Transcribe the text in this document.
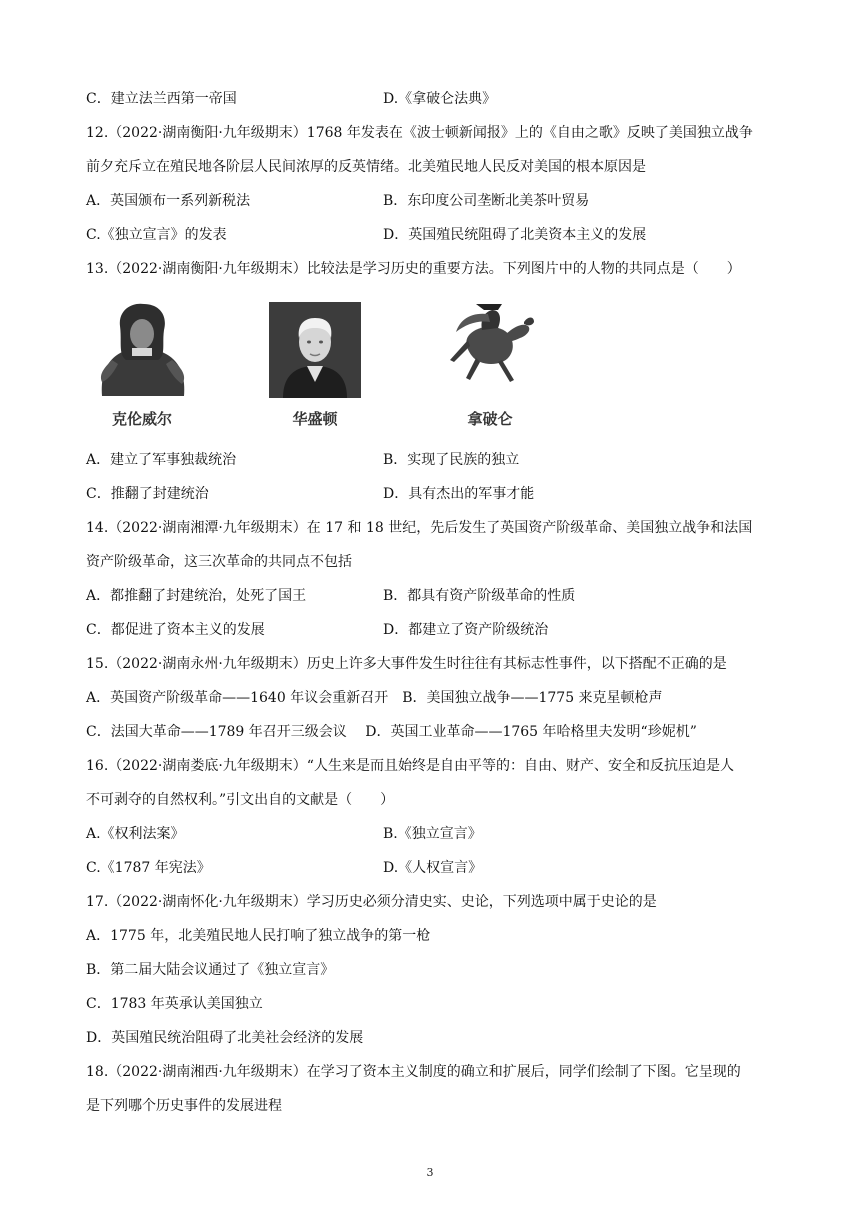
C．建立法兰西第一帝国	D.《拿破仑法典》
12.（2022·湖南衡阳·九年级期末）1768 年发表在《波士顿新闻报》上的《自由之歌》反映了美国独立战争
前夕充斥立在殖民地各阶层人民间浓厚的反英情绪。北美殖民地人民反对美国的根本原因是
A．英国颁布一系列新税法	B．东印度公司垄断北美茶叶贸易
C.《独立宣言》的发表	D．英国殖民统阻碍了北美资本主义的发展
13.（2022·湖南衡阳·九年级期末）比较法是学习历史的重要方法。下列图片中的人物的共同点是（　　）
克伦威尔	华盛顿	拿破仑
A．建立了军事独裁统治	B．实现了民族的独立
C．推翻了封建统治	D．具有杰出的军事才能
14.（2022·湖南湘潭·九年级期末）在 17 和 18 世纪，先后发生了英国资产阶级革命、美国独立战争和法国
资产阶级革命，这三次革命的共同点不包括
A．都推翻了封建统治，处死了国王	B．都具有资产阶级革命的性质
C．都促进了资本主义的发展	D．都建立了资产阶级统治
15.（2022·湖南永州·九年级期末）历史上许多大事件发生时往往有其标志性事件，以下搭配不正确的是
A．英国资产阶级革命——1640 年议会重新召开　B．美国独立战争——1775 来克星顿枪声
C．法国大革命——1789 年召开三级会议　 D．英国工业革命——1765 年哈格里夫发明“珍妮机”
16.（2022·湖南娄底·九年级期末）“人生来是而且始终是自由平等的：自由、财产、安全和反抗压迫是人
不可剥夺的自然权利。”引文出自的文献是（　　）
A.《权利法案》	B.《独立宣言》
C.《1787 年宪法》	D.《人权宣言》
17.（2022·湖南怀化·九年级期末）学习历史必须分清史实、史论，下列选项中属于史论的是
A．1775 年，北美殖民地人民打响了独立战争的第一枪
B．第二届大陆会议通过了《独立宣言》
C．1783 年英承认美国独立
D．英国殖民统治阻碍了北美社会经济的发展
18.（2022·湖南湘西·九年级期末）在学习了资本主义制度的确立和扩展后，同学们绘制了下图。它呈现的
是下列哪个历史事件的发展进程
3
